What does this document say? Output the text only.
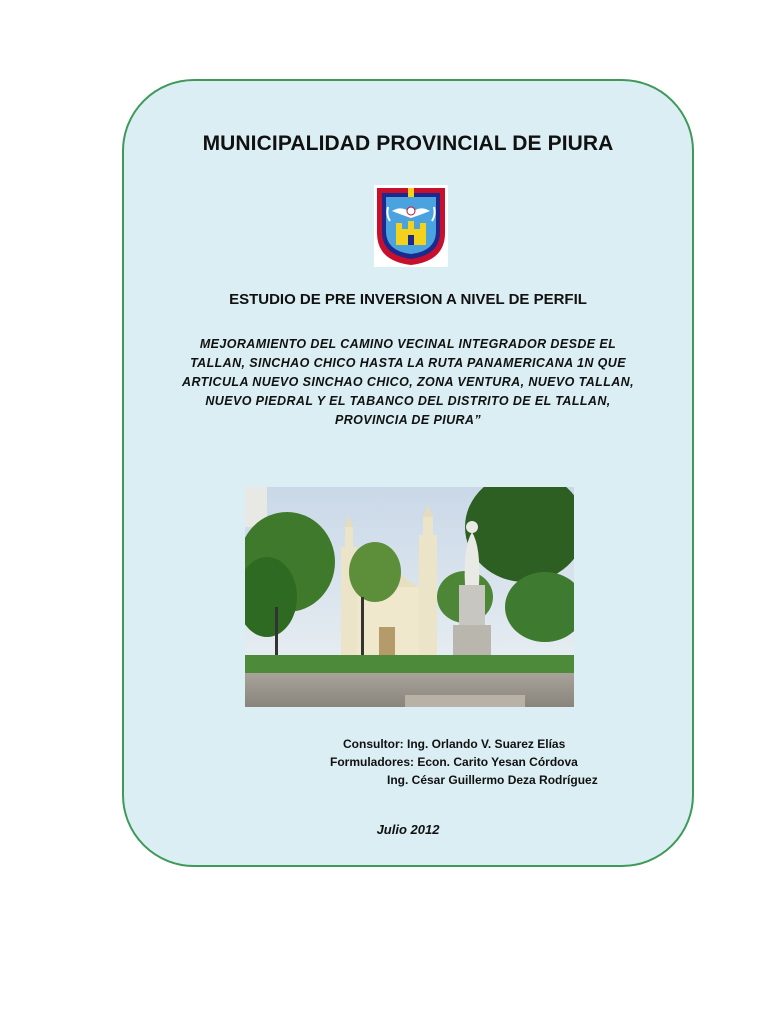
MUNICIPALIDAD PROVINCIAL DE PIURA
ESTUDIO DE PRE INVERSION A NIVEL DE PERFIL
MEJORAMIENTO DEL CAMINO VECINAL INTEGRADOR DESDE EL
TALLAN, SINCHAO CHICO HASTA LA RUTA PANAMERICANA 1N QUE
ARTICULA NUEVO SINCHAO CHICO, ZONA VENTURA, NUEVO TALLAN,
NUEVO PIEDRAL Y EL TABANCO DEL DISTRITO DE EL TALLAN,
PROVINCIA DE PIURA”
Consultor: Ing. Orlando V. Suarez Elías
Formuladores: Econ. Carito Yesan Córdova
Ing. César Guillermo Deza Rodríguez
Julio 2012
